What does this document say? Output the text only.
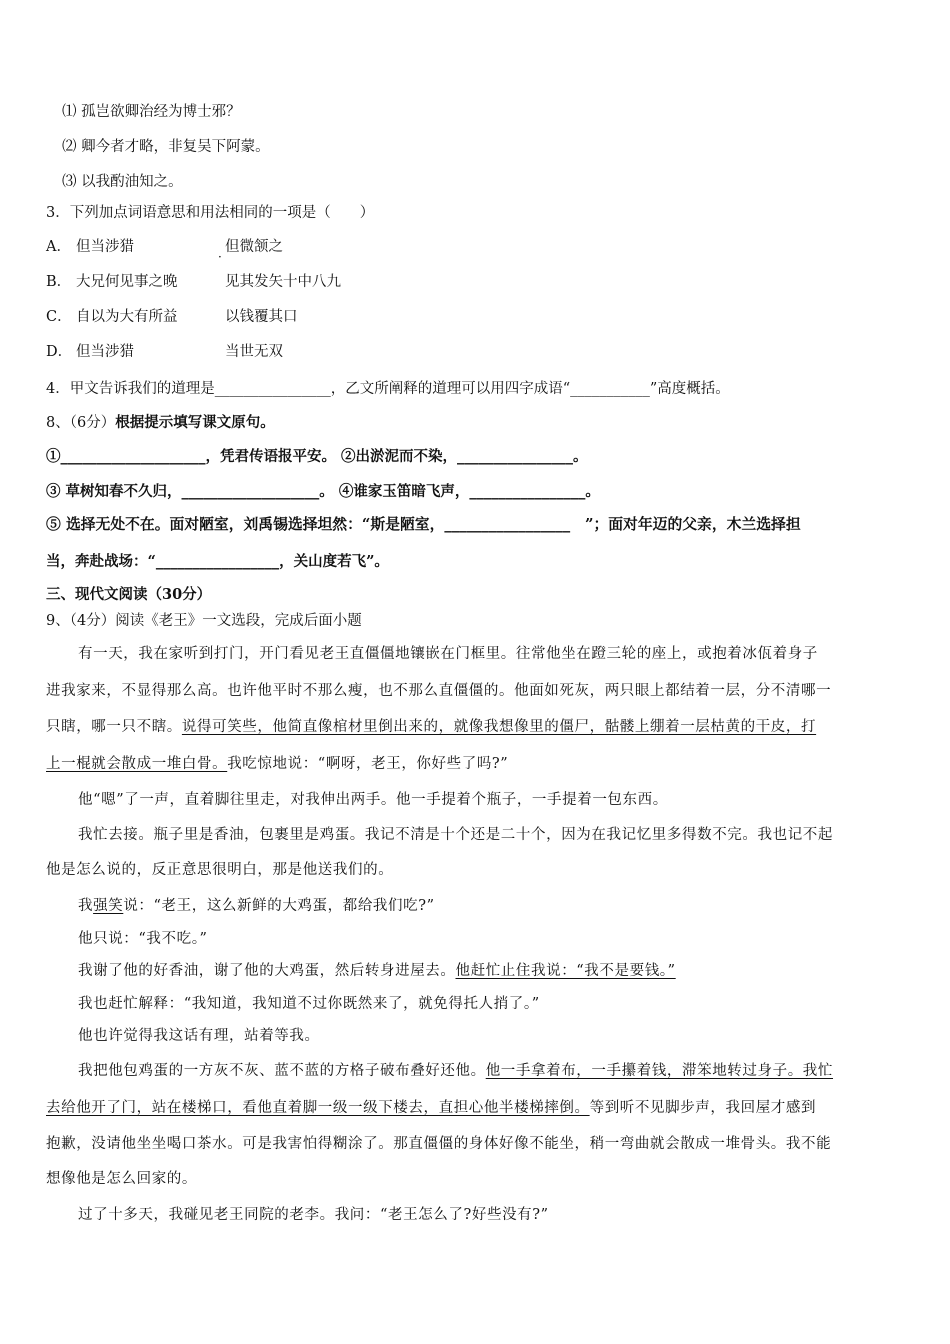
⑴ 孤岂欲卿治经为博士邪？
⑵ 卿今者才略，非复吴下阿蒙。
⑶ 以我酌油知之。
3．下列加点词语意思和用法相同的一项是（　　）
A． 但当涉猎	但微颔之
·
B． 大兄何见事之晚	见其发矢十中八九
C． 自以为大有所益	以钱覆其口
D． 但当涉猎	当世无双
4．甲文告诉我们的道理是________________，乙文所阐释的道理可以用四字成语“___________”高度概括。
8、（6分）根据提示填写课文原句。
①____________________，凭君传语报平安。 ②出淤泥而不染，________________。
③ 草树知春不久归，___________________。 ④谁家玉笛暗飞声，________________。
⑤ 选择无处不在。面对陋室，刘禹锡选择坦然：“斯是陋室，_________________　”；面对年迈的父亲，木兰选择担
当，奔赴战场：“_________________，关山度若飞”。
三、现代文阅读（30分）
9、（4分）阅读《老王》一文选段，完成后面小题
有一天，我在家听到打门，开门看见老王直僵僵地镶嵌在门框里。往常他坐在蹬三轮的座上，或抱着冰佤着身子
进我家来，不显得那么高。也许他平时不那么瘦，也不那么直僵僵的。他面如死灰，两只眼上都结着一层，分不清哪一
只瞎，哪一只不瞎。说得可笑些，他简直像棺材里倒出来的，就像我想像里的僵尸，骷髅上绷着一层枯黄的干皮，打
上一棍就会散成一堆白骨。我吃惊地说：“啊呀，老王，你好些了吗?”
他“嗯”了一声，直着脚往里走，对我伸出两手。他一手提着个瓶子，一手提着一包东西。
我忙去接。瓶子里是香油，包裹里是鸡蛋。我记不清是十个还是二十个，因为在我记忆里多得数不完。我也记不起
他是怎么说的，反正意思很明白，那是他送我们的。
我强笑说：“老王，这么新鲜的大鸡蛋，都给我们吃?”
他只说：“我不吃。”
我谢了他的好香油，谢了他的大鸡蛋，然后转身进屋去。他赶忙止住我说：“我不是要钱。”
我也赶忙解释：“我知道，我知道不过你既然来了，就免得托人捎了。”
他也许觉得我这话有理，站着等我。
我把他包鸡蛋的一方灰不灰、蓝不蓝的方格子破布叠好还他。他一手拿着布，一手攥着钱，滞笨地转过身子。我忙
去给他开了门，站在楼梯口，看他直着脚一级一级下楼去，直担心他半楼梯摔倒。等到听不见脚步声，我回屋才感到
抱歉，没请他坐坐喝口茶水。可是我害怕得糊涂了。那直僵僵的身体好像不能坐，稍一弯曲就会散成一堆骨头。我不能
想像他是怎么回家的。
过了十多天，我碰见老王同院的老李。我问：“老王怎么了?好些没有?”
